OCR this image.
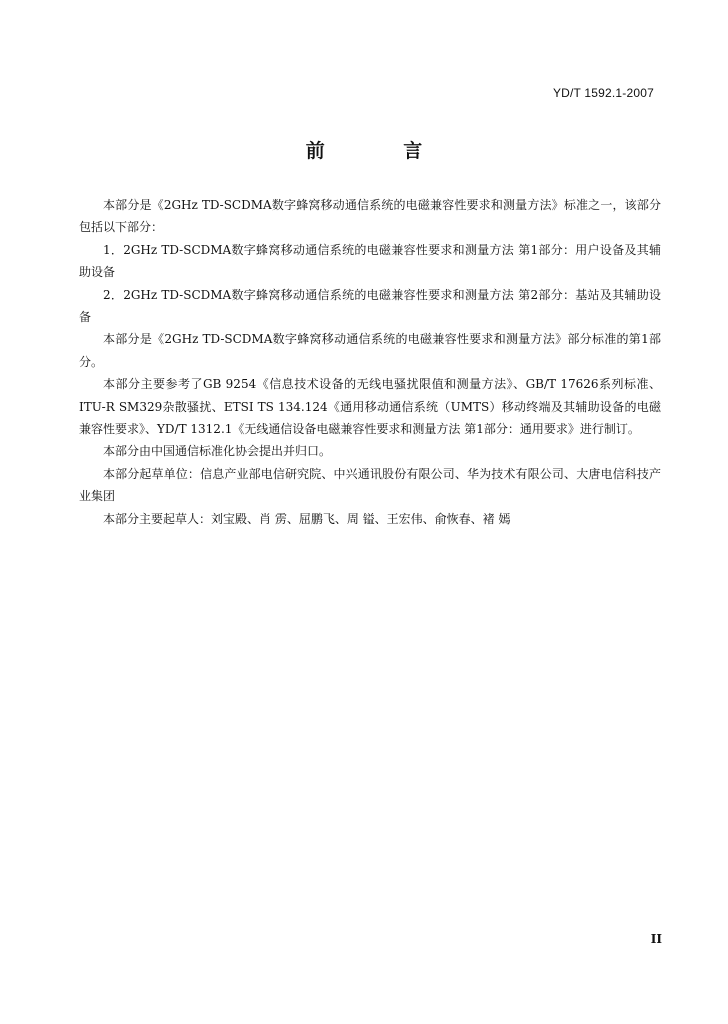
YD/T 1592.1-2007
前 言

本部分是《2GHz TD-SCDMA数字蜂窝移动通信系统的电磁兼容性要求和测量方法》标准之一，该部分包括以下部分：

1．2GHz TD-SCDMA数字蜂窝移动通信系统的电磁兼容性要求和测量方法 第1部分：用户设备及其辅助设备

2．2GHz TD-SCDMA数字蜂窝移动通信系统的电磁兼容性要求和测量方法 第2部分：基站及其辅助设备

本部分是《2GHz TD-SCDMA数字蜂窝移动通信系统的电磁兼容性要求和测量方法》部分标准的第1部分。

本部分主要参考了GB 9254《信息技术设备的无线电骚扰限值和测量方法》、GB/T 17626系列标准、ITU-R SM329杂散骚扰、ETSI TS 134.124《通用移动通信系统（UMTS）移动终端及其辅助设备的电磁兼容性要求》、YD/T 1312.1《无线通信设备电磁兼容性要求和测量方法 第1部分：通用要求》进行制订。

本部分由中国通信标准化协会提出并归口。

本部分起草单位：信息产业部电信研究院、中兴通讯股份有限公司、华为技术有限公司、大唐电信科技产业集团

本部分主要起草人：刘宝殿、肖 雳、屈鹏飞、周 镒、王宏伟、俞恢春、褚 嫣

II
